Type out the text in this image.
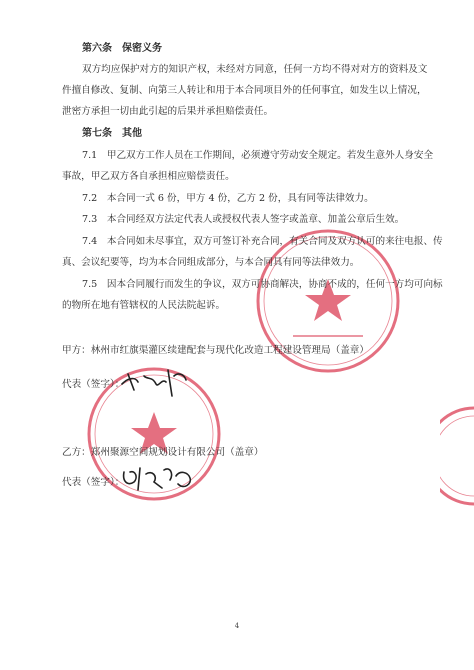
第六条　保密义务
双方均应保护对方的知识产权，未经对方同意，任何一方均不得对对方的资料及文
件擅自修改、复制、向第三人转让和用于本合同项目外的任何事宜，如发生以上情况，
泄密方承担一切由此引起的后果并承担赔偿责任。
第七条　其他
7.1　甲乙双方工作人员在工作期间，必须遵守劳动安全规定。若发生意外人身安全
事故，甲乙双方各自承担相应赔偿责任。
7.2　本合同一式 6 份，甲方 4 份，乙方 2 份，具有同等法律效力。
7.3　本合同经双方法定代表人或授权代表人签字或盖章、加盖公章后生效。
7.4　本合同如未尽事宜，双方可签订补充合同，有关合同及双方认可的来往电报、传
真、会议纪要等，均为本合同组成部分，与本合同具有同等法律效力。
7.5　因本合同履行而发生的争议，双方可协商解决，协商不成的，任何一方均可向标
的物所在地有管辖权的人民法院起诉。
甲方：林州市红旗渠灌区续建配套与现代化改造工程建设管理局（盖章）
代表（签字）：
乙方：郑州聚源空间规划设计有限公司（盖章）
代表（签字）：
4
